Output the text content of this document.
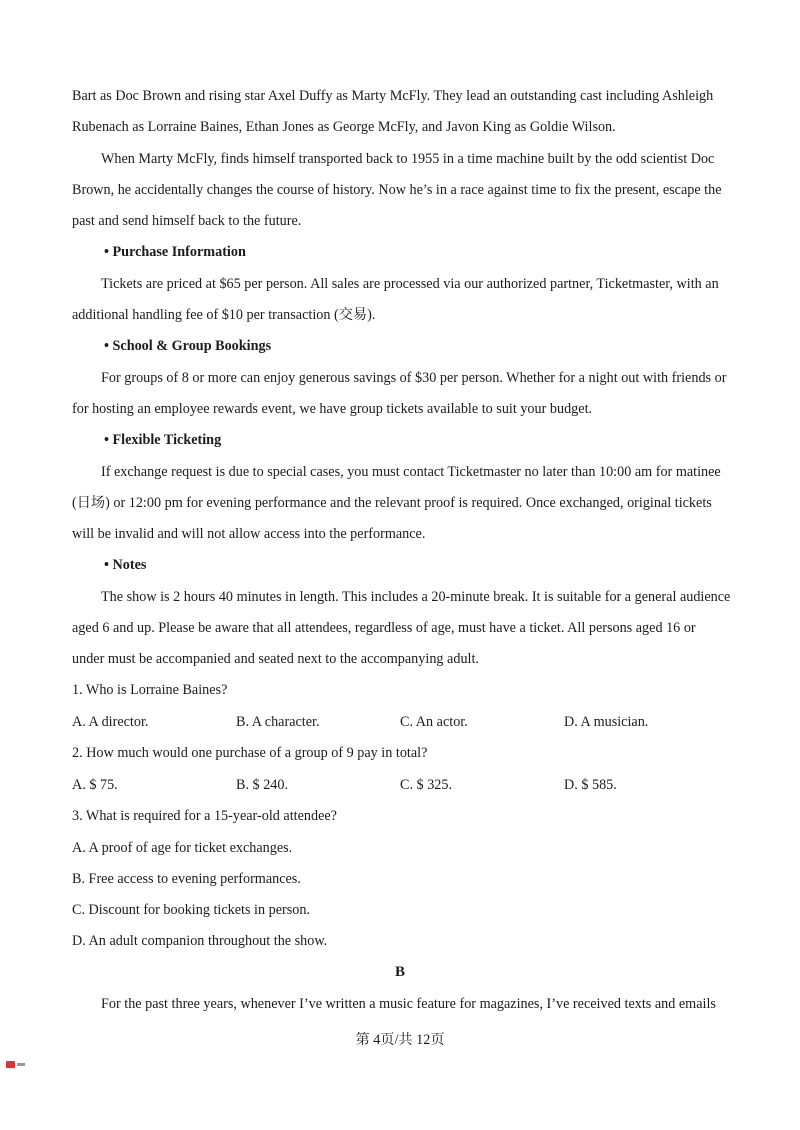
Bart as Doc Brown and rising star Axel Duffy as Marty McFly. They lead an outstanding cast including Ashleigh
Rubenach as Lorraine Baines, Ethan Jones as George McFly, and Javon King as Goldie Wilson.
When Marty McFly, finds himself transported back to 1955 in a time machine built by the odd scientist Doc
Brown, he accidentally changes the course of history. Now he’s in a race against time to fix the present, escape the
past and send himself back to the future.
• Purchase Information
Tickets are priced at $65 per person. All sales are processed via our authorized partner, Ticketmaster, with an
additional handling fee of $10 per transaction (交易).
• School & Group Bookings
For groups of 8 or more can enjoy generous savings of $30 per person. Whether for a night out with friends or
for hosting an employee rewards event, we have group tickets available to suit your budget.
• Flexible Ticketing
If exchange request is due to special cases, you must contact Ticketmaster no later than 10:00 am for matinee
(日场) or 12:00 pm for evening performance and the relevant proof is required. Once exchanged, original tickets
will be invalid and will not allow access into the performance.
• Notes
The show is 2 hours 40 minutes in length. This includes a 20-minute break. It is suitable for a general audience
aged 6 and up. Please be aware that all attendees, regardless of age, must have a ticket. All persons aged 16 or
under must be accompanied and seated next to the accompanying adult.
1. Who is Lorraine Baines?
A. A director.	B. A character.	C. An actor.	D. A musician.
2. How much would one purchase of a group of 9 pay in total?
A. $ 75.	B. $ 240.	C. $ 325.	D. $ 585.
3. What is required for a 15-year-old attendee?
A. A proof of age for ticket exchanges.
B. Free access to evening performances.
C. Discount for booking tickets in person.
D. An adult companion throughout the show.
B
For the past three years, whenever I’ve written a music feature for magazines, I’ve received texts and emails
第 4页/共 12页
